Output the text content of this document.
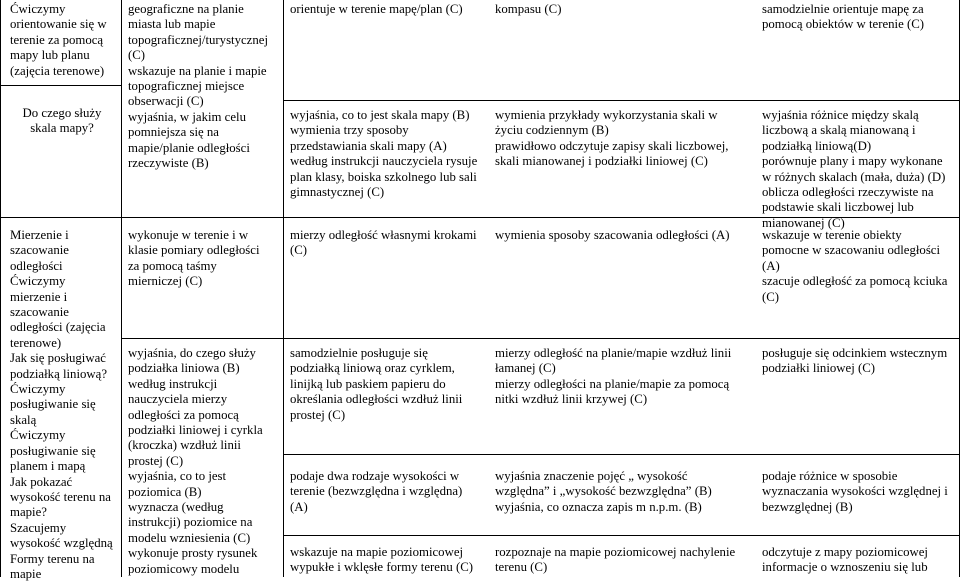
Ćwiczymy
orientowanie się w
terenie za pomocą
mapy lub planu
(zajęcia terenowe)
Do czego służy
skala mapy?
Mierzenie i
szacowanie
odległości
Ćwiczymy
mierzenie i
szacowanie
odległości (zajęcia
terenowe)
Jak się posługiwać
podziałką liniową?
Ćwiczymy
posługiwanie się
skalą
Ćwiczymy
posługiwanie się
planem i mapą
Jak pokazać
wysokość terenu na
mapie?
Szacujemy
wysokość względną
Formy terenu na
mapie
geograficzne na planie
miasta lub mapie
topograficznej/turystycznej
(C)
wskazuje na planie i mapie
topograficznej miejsce
obserwacji (C)
wyjaśnia, w jakim celu
pomniejsza się na
mapie/planie odległości
rzeczywiste (B)
wykonuje w terenie i w
klasie pomiary odległości
za pomocą taśmy
mierniczej (C)
wyjaśnia, do czego służy
podziałka liniowa (B)
według instrukcji
nauczyciela mierzy
odległości za pomocą
podziałki liniowej i cyrkla
(kroczka) wzdłuż linii
prostej (C)
wyjaśnia, co to jest
poziomica (B)
wyznacza (według
instrukcji) poziomice na
modelu wzniesienia (C)
wykonuje prosty rysunek
poziomicowy modelu
orientuje w terenie mapę/plan (C)
wyjaśnia, co to jest skala mapy (B)
wymienia trzy sposoby
przedstawiania skali mapy (A)
według instrukcji nauczyciela rysuje
plan klasy, boiska szkolnego lub sali
gimnastycznej (C)
mierzy odległość własnymi krokami
(C)
samodzielnie posługuje się
podziałką liniową oraz cyrklem,
linijką lub paskiem papieru do
określania odległości wzdłuż linii
prostej (C)
podaje dwa rodzaje wysokości w
terenie (bezwzględna i względna)
(A)
wskazuje na mapie poziomicowej
wypukłe i wklęsłe formy terenu (C)
kompasu (C)
wymienia przykłady wykorzystania skali w
życiu codziennym (B)
prawidłowo odczytuje zapisy skali liczbowej,
skali mianowanej i podziałki liniowej (C)
wymienia sposoby szacowania odległości (A)
mierzy odległość na planie/mapie wzdłuż linii
łamanej (C)
mierzy odległości na planie/mapie za pomocą
nitki wzdłuż linii krzywej (C)
wyjaśnia znaczenie pojęć „ wysokość
względna” i „wysokość bezwzględna” (B)
wyjaśnia, co oznacza zapis m n.p.m. (B)
rozpoznaje na mapie poziomicowej nachylenie
terenu (C)
samodzielnie orientuje mapę za
pomocą obiektów w terenie (C)
wyjaśnia różnice między skalą
liczbową a skalą mianowaną i
podziałką liniową(D)
porównuje plany i mapy wykonane
w różnych skalach (mała, duża) (D)
oblicza odległości rzeczywiste na
podstawie skali liczbowej lub
mianowanej (C)
wskazuje w terenie obiekty
pomocne w szacowaniu odległości
(A)
szacuje odległość za pomocą kciuka
(C)
posługuje się odcinkiem wstecznym
podziałki liniowej (C)
podaje różnice w sposobie
wyznaczania wysokości względnej i
bezwzględnej (B)
odczytuje z mapy poziomicowej
informacje o wznoszeniu się lub
